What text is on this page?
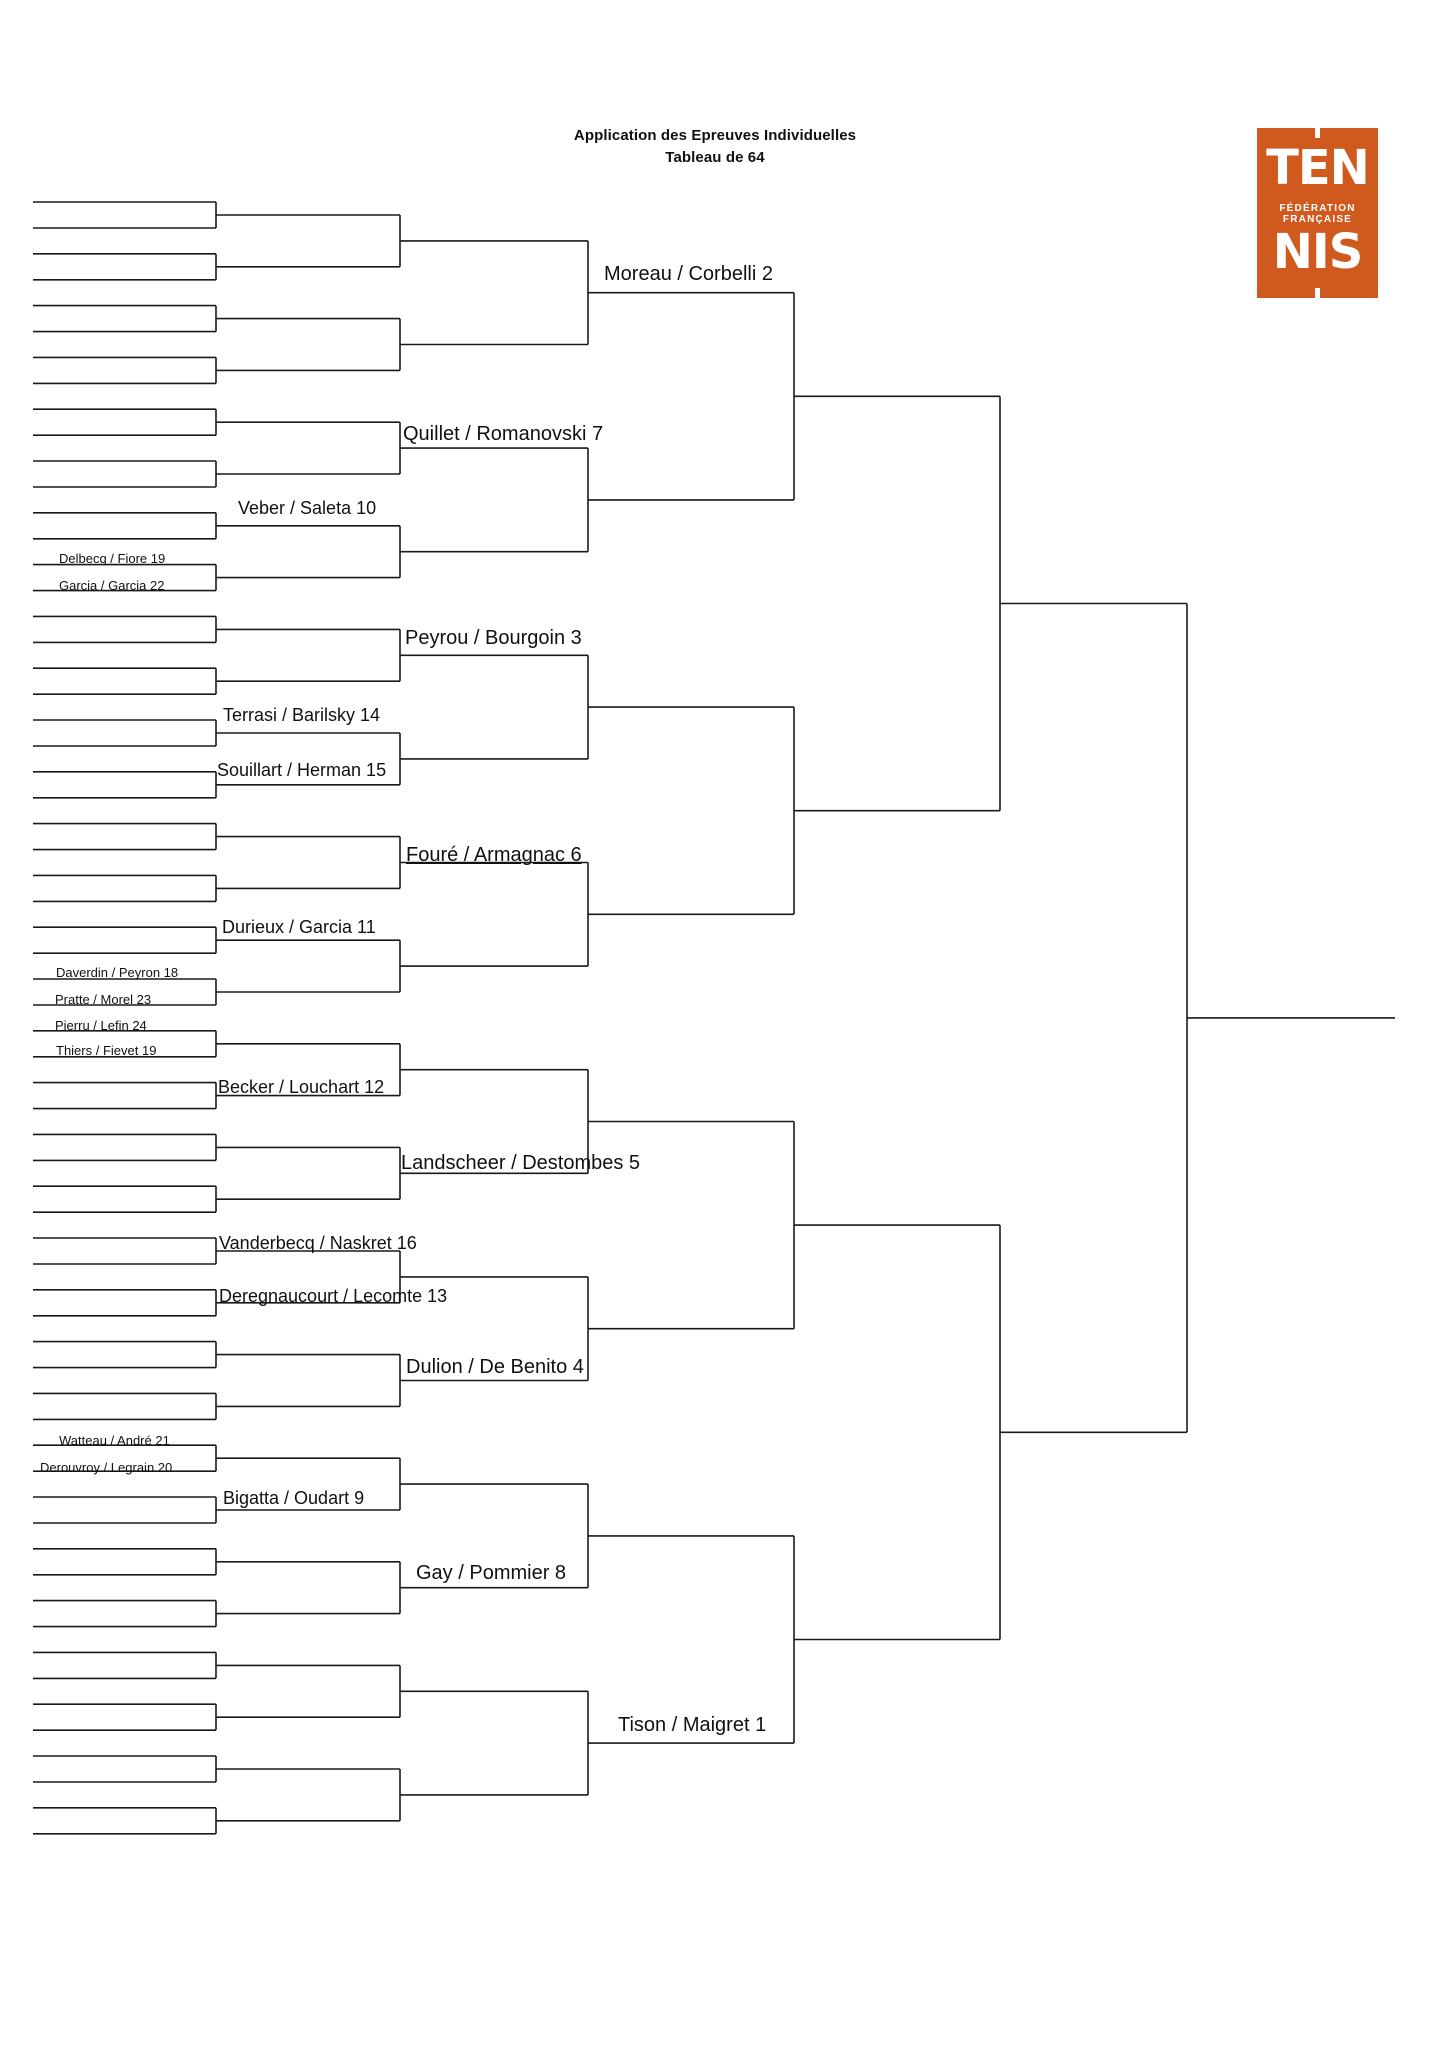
Application des Epreuves Individuelles
Tableau de 64	TEN
FÉDÉRATION
FRANÇAISE
NIS
Moreau / Corbelli 2
Quillet / Romanovski 7
Veber / Saleta 10
Delbecq / Fiore 19
Garcia / Garcia 22
Peyrou / Bourgoin 3
Terrasi / Barilsky 14
Souillart / Herman 15
Fouré / Armagnac 6
Durieux / Garcia 11
Daverdin / Peyron 18
Pratte / Morel 23
Pierru / Lefin 24
Thiers / Fievet 19
Becker / Louchart 12
Landscheer / Destombes 5
Vanderbecq / Naskret 16
Deregnaucourt / Lecomte 13
Dulion / De Benito 4
Watteau / André 21
Derouvroy / Legrain 20
Bigatta / Oudart 9
Gay / Pommier 8
Tison / Maigret 1
